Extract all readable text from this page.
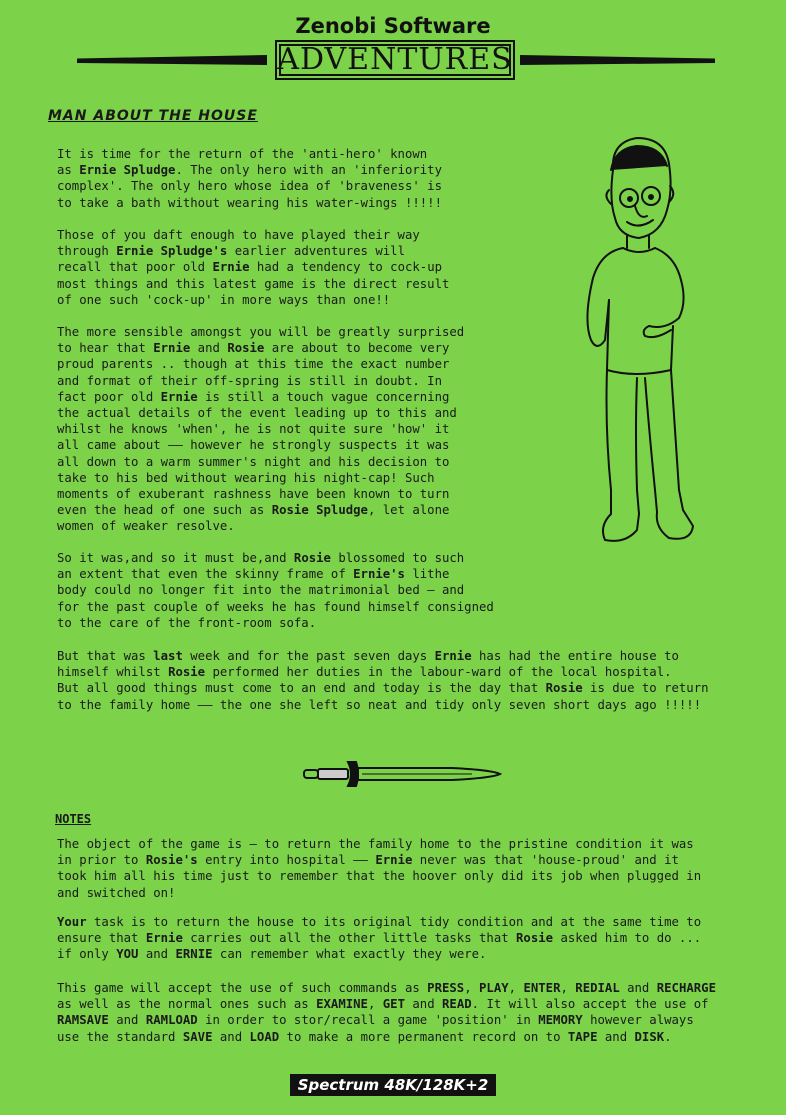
Zenobi Software
ADVENTURES
MAN ABOUT THE HOUSE

It is time for the return of the 'anti-hero' known
as Ernie Spludge. The only hero with an 'inferiority
complex'. The only hero whose idea of 'braveness' is
to take a bath without wearing his water-wings !!!!!

Those of you daft enough to have played their way
through Ernie Spludge's earlier adventures will
recall that poor old Ernie had a tendency to cock-up
most things and this latest game is the direct result
of one such 'cock-up' in more ways than one!!

The more sensible amongst you will be greatly surprised
to hear that Ernie and Rosie are about to become very
proud parents .. though at this time the exact number
and format of their off-spring is still in doubt. In
fact poor old Ernie is still a touch vague concerning
the actual details of the event leading up to this and
whilst he knows 'when', he is not quite sure 'how' it
all came about —— however he strongly suspects it was
all down to a warm summer's night and his decision to
take to his bed without wearing his night-cap! Such
moments of exuberant rashness have been known to turn
even the head of one such as Rosie Spludge, let alone
women of weaker resolve.

So it was,and so it must be,and Rosie blossomed to such
an extent that even the skinny frame of Ernie's lithe
body could no longer fit into the matrimonial bed — and
for the past couple of weeks he has found himself consigned
to the care of the front-room sofa.

But that was last week and for the past seven days Ernie has had the entire house to
himself whilst Rosie performed her duties in the labour-ward of the local hospital.
But all good things must come to an end and today is the day that Rosie is due to return
to the family home —— the one she left so neat and tidy only seven short days ago !!!!!

NOTES

The object of the game is — to return the family home to the pristine condition it was
in prior to Rosie's entry into hospital —— Ernie never was that 'house-proud' and it
took him all his time just to remember that the hoover only did its job when plugged in
and switched on!

Your task is to return the house to its original tidy condition and at the same time to
ensure that Ernie carries out all the other little tasks that Rosie asked him to do ...
if only YOU and ERNIE can remember what exactly they were.

This game will accept the use of such commands as PRESS, PLAY, ENTER, REDIAL and RECHARGE
as well as the normal ones such as EXAMINE, GET and READ. It will also accept the use of
RAMSAVE and RAMLOAD in order to stor/recall a game 'position' in MEMORY however always
use the standard SAVE and LOAD to make a more permanent record on to TAPE and DISK.

Spectrum 48K/128K+2
